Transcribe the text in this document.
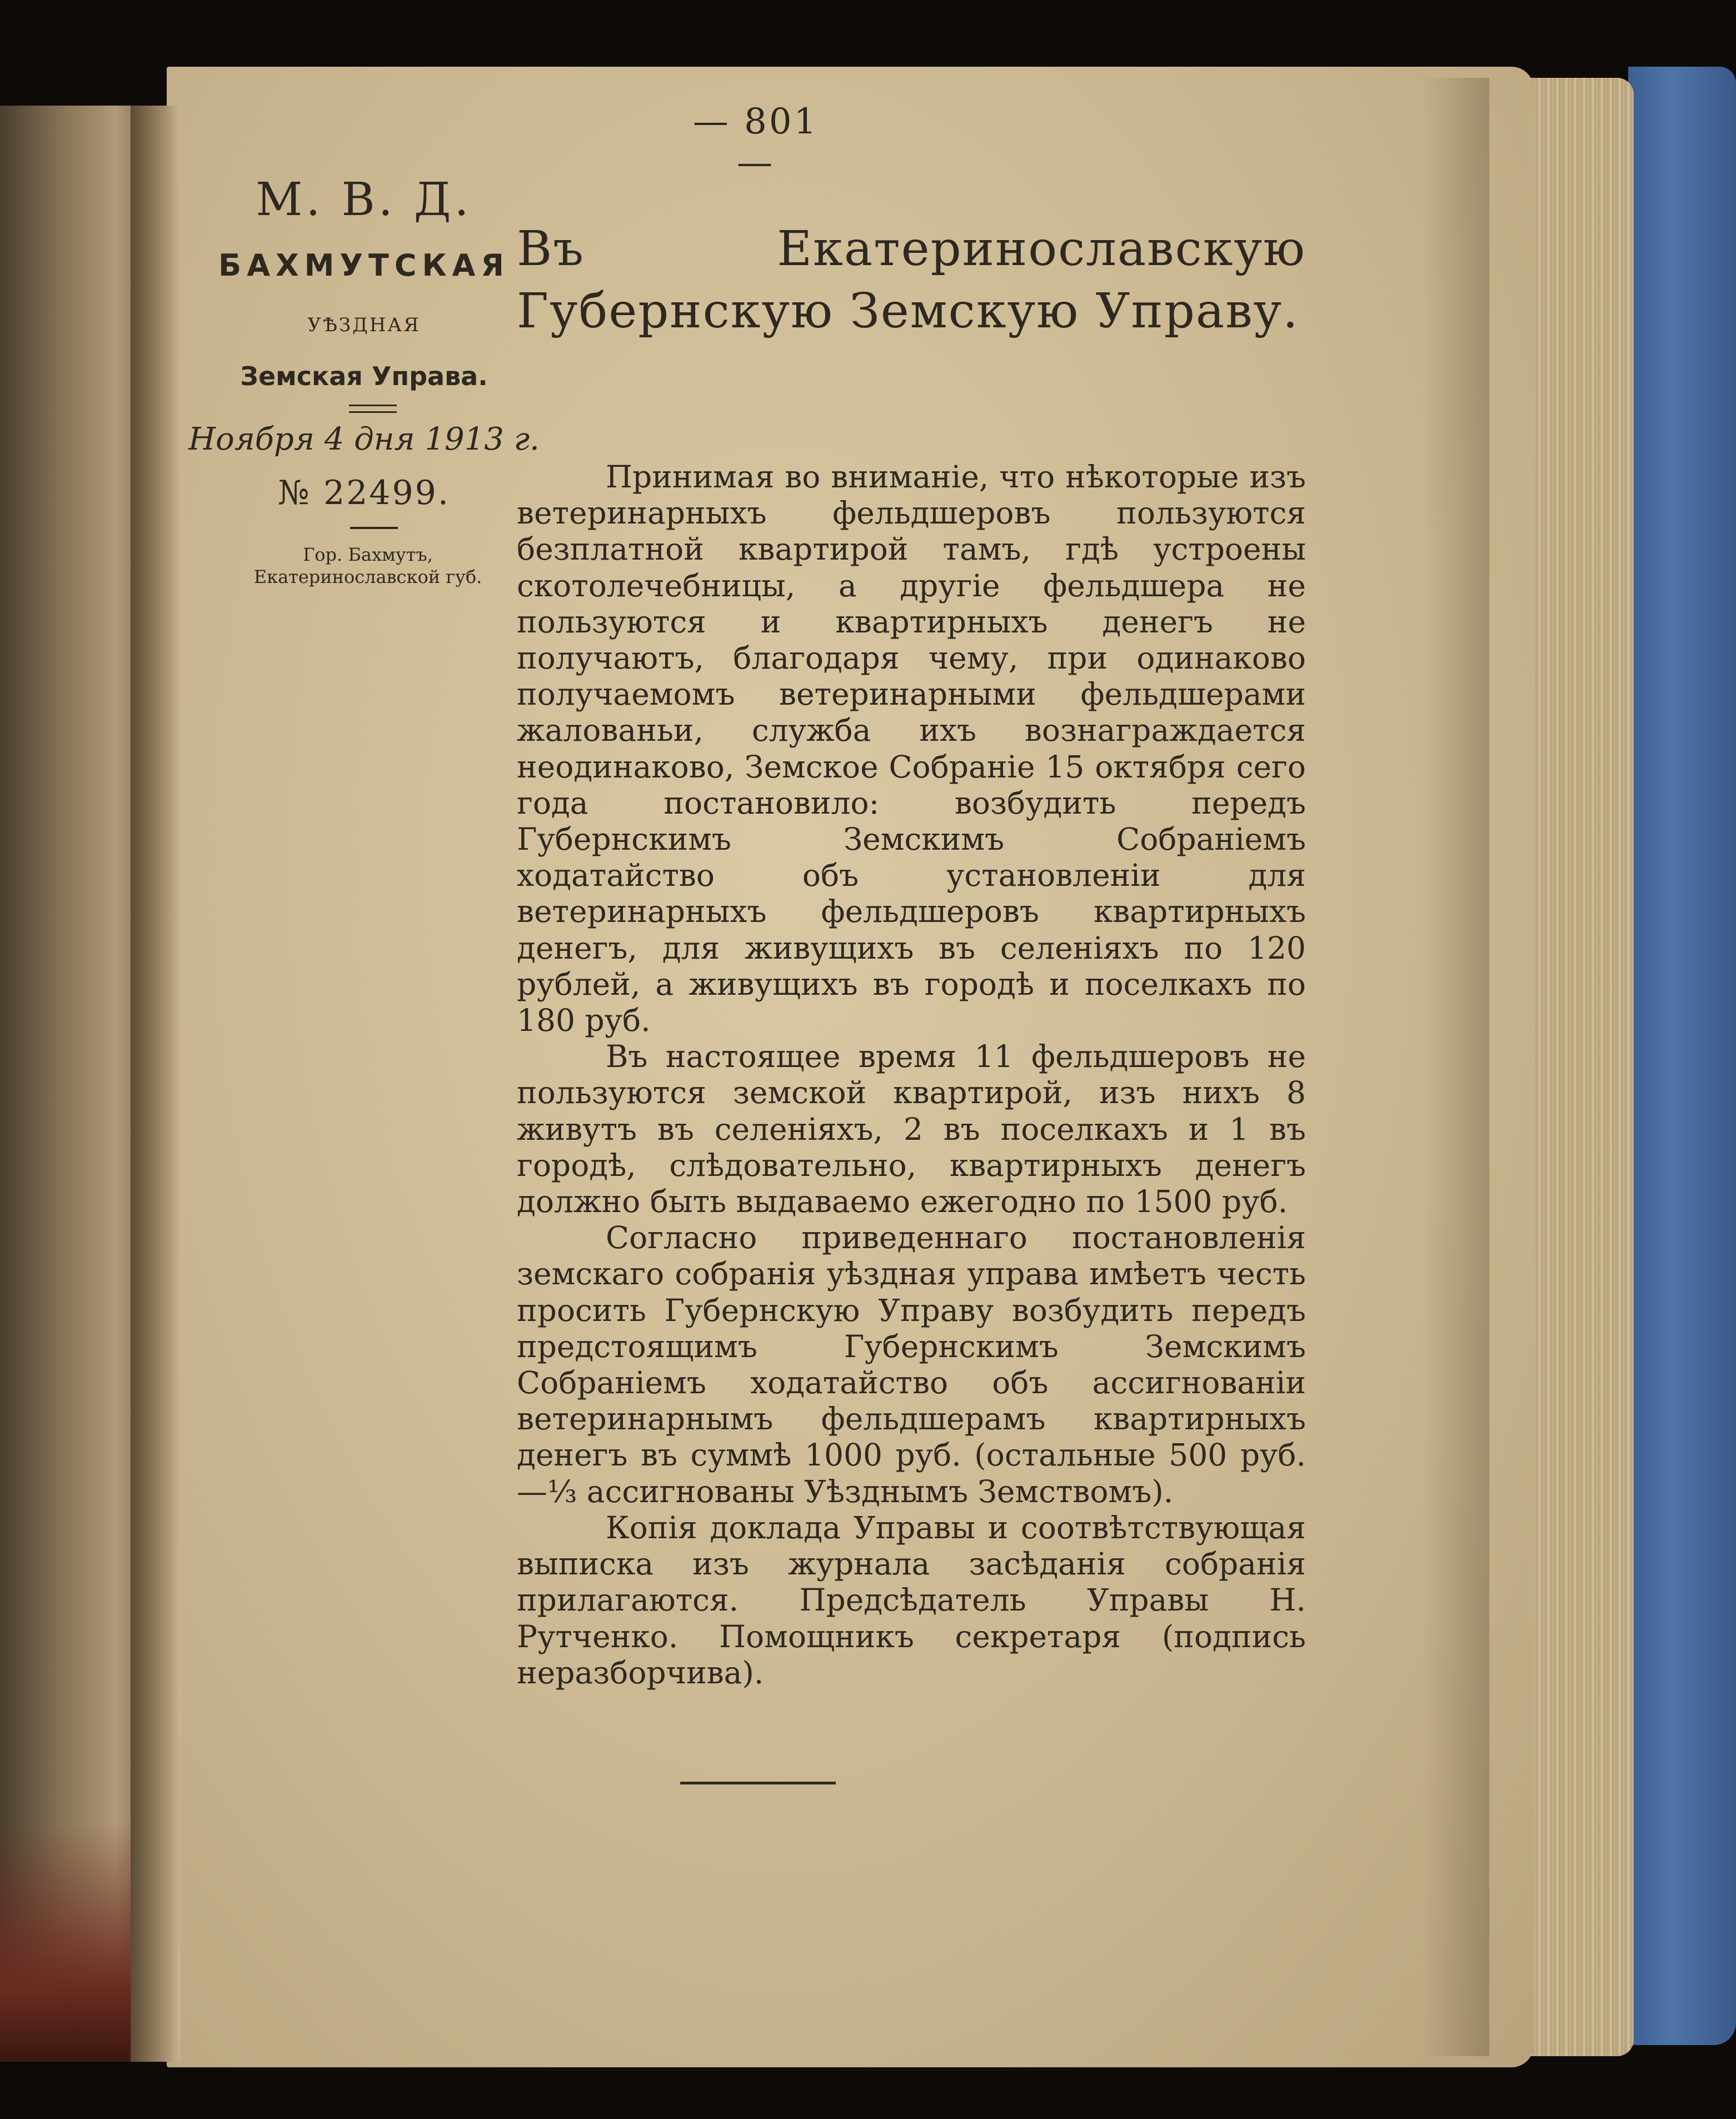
— 801 —
М. В. Д.
БАХМУТСКАЯ
УѢЗДНАЯ
Земская Управа.
Ноября 4 дня 1913 г.
№ 22499.
Гор. Бахмутъ, Екатеринославской губ.
Въ Екатеринославскую Губернскую Земскую Управу.

Принимая во вниманіе, что нѣкоторые изъ ветеринарныхъ фельдшеровъ пользуются безплатной квартирой тамъ, гдѣ устроены скотолечебницы, а другіе фельдшера не пользуются и квартирныхъ денегъ не получаютъ, благодаря чему, при одинаково получаемомъ ветеринарными фельдшерами жалованьи, служба ихъ вознаграждается неодинаково, Земское Собраніе 15 октября сего года постановило: возбудить передъ Губернскимъ Земскимъ Собраніемъ ходатайство объ установленіи для ветеринарныхъ фельдшеровъ квартирныхъ денегъ, для живущихъ въ селеніяхъ по 120 рублей, а живущихъ въ городѣ и поселкахъ по 180 руб.

Въ настоящее время 11 фельдшеровъ не пользуются земской квартирой, изъ нихъ 8 живутъ въ селеніяхъ, 2 въ поселкахъ и 1 въ городѣ, слѣдовательно, квартирныхъ денегъ должно быть выдаваемо ежегодно по 1500 руб.

Согласно приведеннаго постановленія земскаго собранія уѣздная управа имѣетъ честь просить Губернскую Управу возбудить передъ предстоящимъ Губернскимъ Земскимъ Собраніемъ ходатайство объ ассигнованіи ветеринарнымъ фельдшерамъ квартирныхъ денегъ въ суммѣ 1000 руб. (остальные 500 руб.—⅓ ассигнованы Уѣзднымъ Земствомъ).

Копія доклада Управы и соотвѣтствующая выписка изъ журнала засѣданія собранія прилагаются. Предсѣдатель Управы Н. Рутченко. Помощникъ секретаря (подпись неразборчива).
